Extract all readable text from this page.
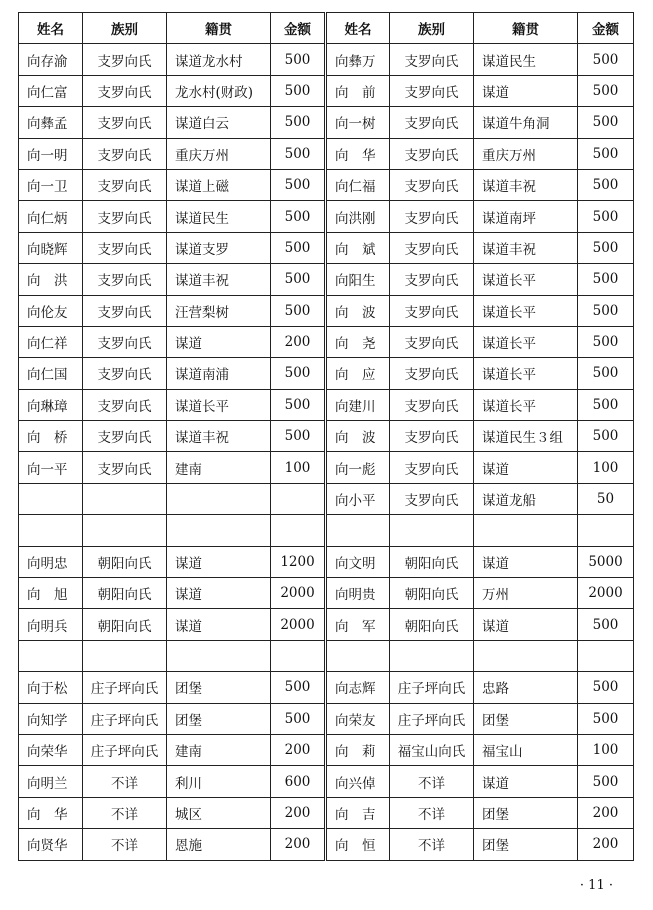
姓名	族别	籍贯	金额	姓名	族别	籍贯	金额
向存渝	支罗向氏	谋道龙水村	500	向彝万	支罗向氏	谋道民生	500
向仁富	支罗向氏	龙水村(财政)	500	向　前	支罗向氏	谋道	500
向彝孟	支罗向氏	谋道白云	500	向一树	支罗向氏	谋道牛角洞	500
向一明	支罗向氏	重庆万州	500	向　华	支罗向氏	重庆万州	500
向一卫	支罗向氏	谋道上磁	500	向仁福	支罗向氏	谋道丰祝	500
向仁炳	支罗向氏	谋道民生	500	向洪刚	支罗向氏	谋道南坪	500
向晓辉	支罗向氏	谋道支罗	500	向　斌	支罗向氏	谋道丰祝	500
向　洪	支罗向氏	谋道丰祝	500	向阳生	支罗向氏	谋道长平	500
向伦友	支罗向氏	汪营梨树	500	向　波	支罗向氏	谋道长平	500
向仁祥	支罗向氏	谋道	200	向　尧	支罗向氏	谋道长平	500
向仁国	支罗向氏	谋道南浦	500	向　应	支罗向氏	谋道长平	500
向琳璋	支罗向氏	谋道长平	500	向建川	支罗向氏	谋道长平	500
向　桥	支罗向氏	谋道丰祝	500	向　波	支罗向氏	谋道民生３组	500
向一平	支罗向氏	建南	100	向一彪	支罗向氏	谋道	100
				向小平	支罗向氏	谋道龙船	50

向明忠	朝阳向氏	谋道	1200	向文明	朝阳向氏	谋道	5000
向　旭	朝阳向氏	谋道	2000	向明贵	朝阳向氏	万州	2000
向明兵	朝阳向氏	谋道	2000	向　军	朝阳向氏	谋道	500

向于松	庄子坪向氏	团堡	500	向志辉	庄子坪向氏	忠路	500
向知学	庄子坪向氏	团堡	500	向荣友	庄子坪向氏	团堡	500
向荣华	庄子坪向氏	建南	200	向　莉	福宝山向氏	福宝山	100
向明兰	不详	利川	600	向兴倬	不详	谋道	500
向　华	不详	城区	200	向　吉	不详	团堡	200
向贤华	不详	恩施	200	向　恒	不详	团堡	200
· 11 ·
